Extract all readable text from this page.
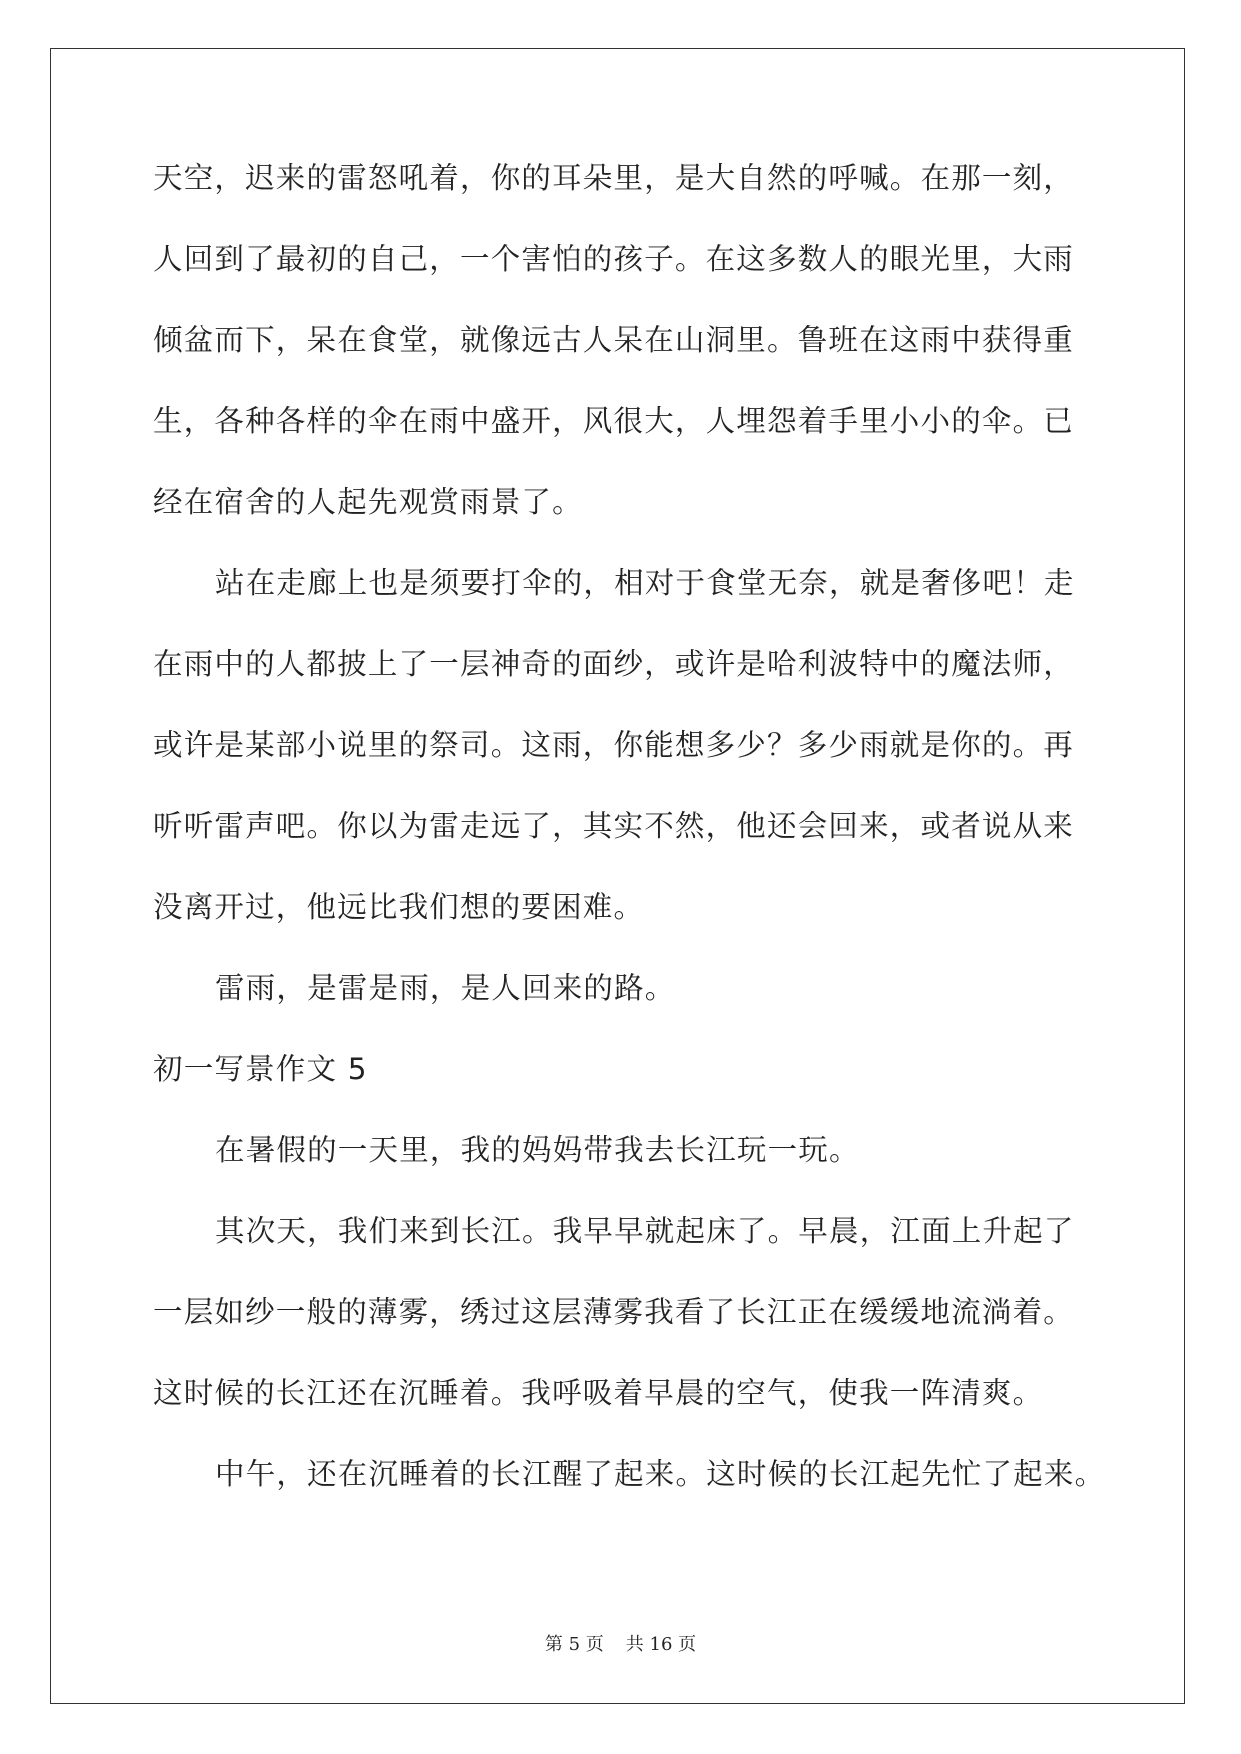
天空，迟来的雷怒吼着，你的耳朵里，是大自然的呼喊。在那一刻，
人回到了最初的自己，一个害怕的孩子。在这多数人的眼光里，大雨
倾盆而下，呆在食堂，就像远古人呆在山洞里。鲁班在这雨中获得重
生，各种各样的伞在雨中盛开，风很大，人埋怨着手里小小的伞。已
经在宿舍的人起先观赏雨景了。
站在走廊上也是须要打伞的，相对于食堂无奈，就是奢侈吧！走
在雨中的人都披上了一层神奇的面纱，或许是哈利波特中的魔法师，
或许是某部小说里的祭司。这雨，你能想多少？多少雨就是你的。再
听听雷声吧。你以为雷走远了，其实不然，他还会回来，或者说从来
没离开过，他远比我们想的要困难。
雷雨，是雷是雨，是人回来的路。
初一写景作文 5
在暑假的一天里，我的妈妈带我去长江玩一玩。
其次天，我们来到长江。我早早就起床了。早晨，江面上升起了
一层如纱一般的薄雾，绣过这层薄雾我看了长江正在缓缓地流淌着。
这时候的长江还在沉睡着。我呼吸着早晨的空气，使我一阵清爽。
中午，还在沉睡着的长江醒了起来。这时候的长江起先忙了起来。
第 5 页 共 16 页
